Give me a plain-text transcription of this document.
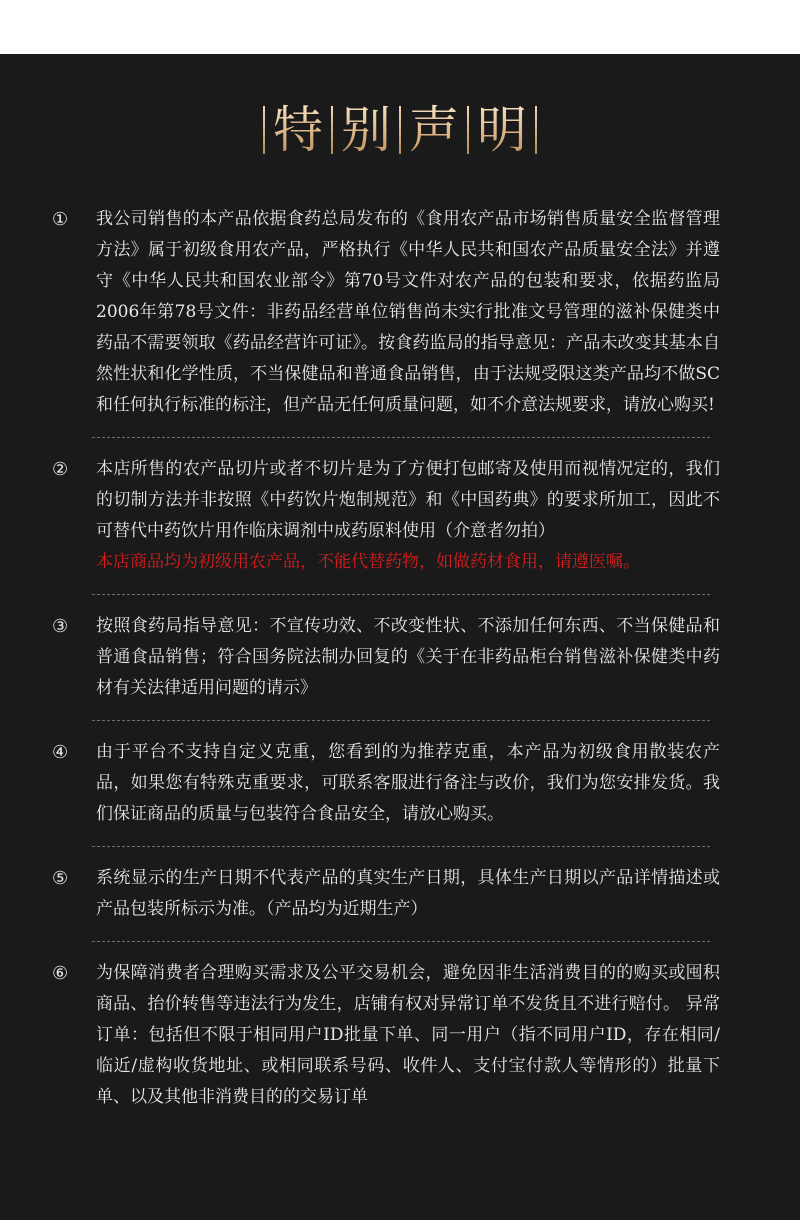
特 别 声 明
① 我公司销售的本产品依据食药总局发布的《食用农产品市场销售质量安全监督管理方法》属于初级食用农产品，严格执行《中华人民共和国农产品质量安全法》并遵守《中华人民共和国农业部令》第70号文件对农产品的包装和要求，依据药监局2006年第78号文件：非药品经营单位销售尚未实行批准文号管理的滋补保健类中药品不需要领取《药品经营许可证》。按食药监局的指导意见：产品未改变其基本自然性状和化学性质，不当保健品和普通食品销售，由于法规受限这类产品均不做SC和任何执行标准的标注，但产品无任何质量问题，如不介意法规要求，请放心购买!
② 本店所售的农产品切片或者不切片是为了方便打包邮寄及使用而视情况定的，我们的切制方法并非按照《中药饮片炮制规范》和《中国药典》的要求所加工，因此不可替代中药饮片用作临床调剂中成药原料使用（介意者勿拍）
本店商品均为初级用农产品，不能代替药物，如做药材食用，请遵医嘱。
③ 按照食药局指导意见：不宣传功效、不改变性状、不添加任何东西、不当保健品和普通食品销售；符合国务院法制办回复的《关于在非药品柜台销售滋补保健类中药材有关法律适用问题的请示》
④ 由于平台不支持自定义克重，您看到的为推荐克重，本产品为初级食用散装农产品，如果您有特殊克重要求，可联系客服进行备注与改价，我们为您安排发货。我们保证商品的质量与包装符合食品安全，请放心购买。
⑤ 系统显示的生产日期不代表产品的真实生产日期，具体生产日期以产品详情描述或产品包装所标示为准。（产品均为近期生产）
⑥ 为保障消费者合理购买需求及公平交易机会，避免因非生活消费目的的购买或囤积商品、抬价转售等违法行为发生，店铺有权对异常订单不发货且不进行赔付。 异常订单：包括但不限于相同用户ID批量下单、同一用户（指不同用户ID，存在相同/临近/虚构收货地址、或相同联系号码、收件人、支付宝付款人等情形的）批量下单、以及其他非消费目的的交易订单
